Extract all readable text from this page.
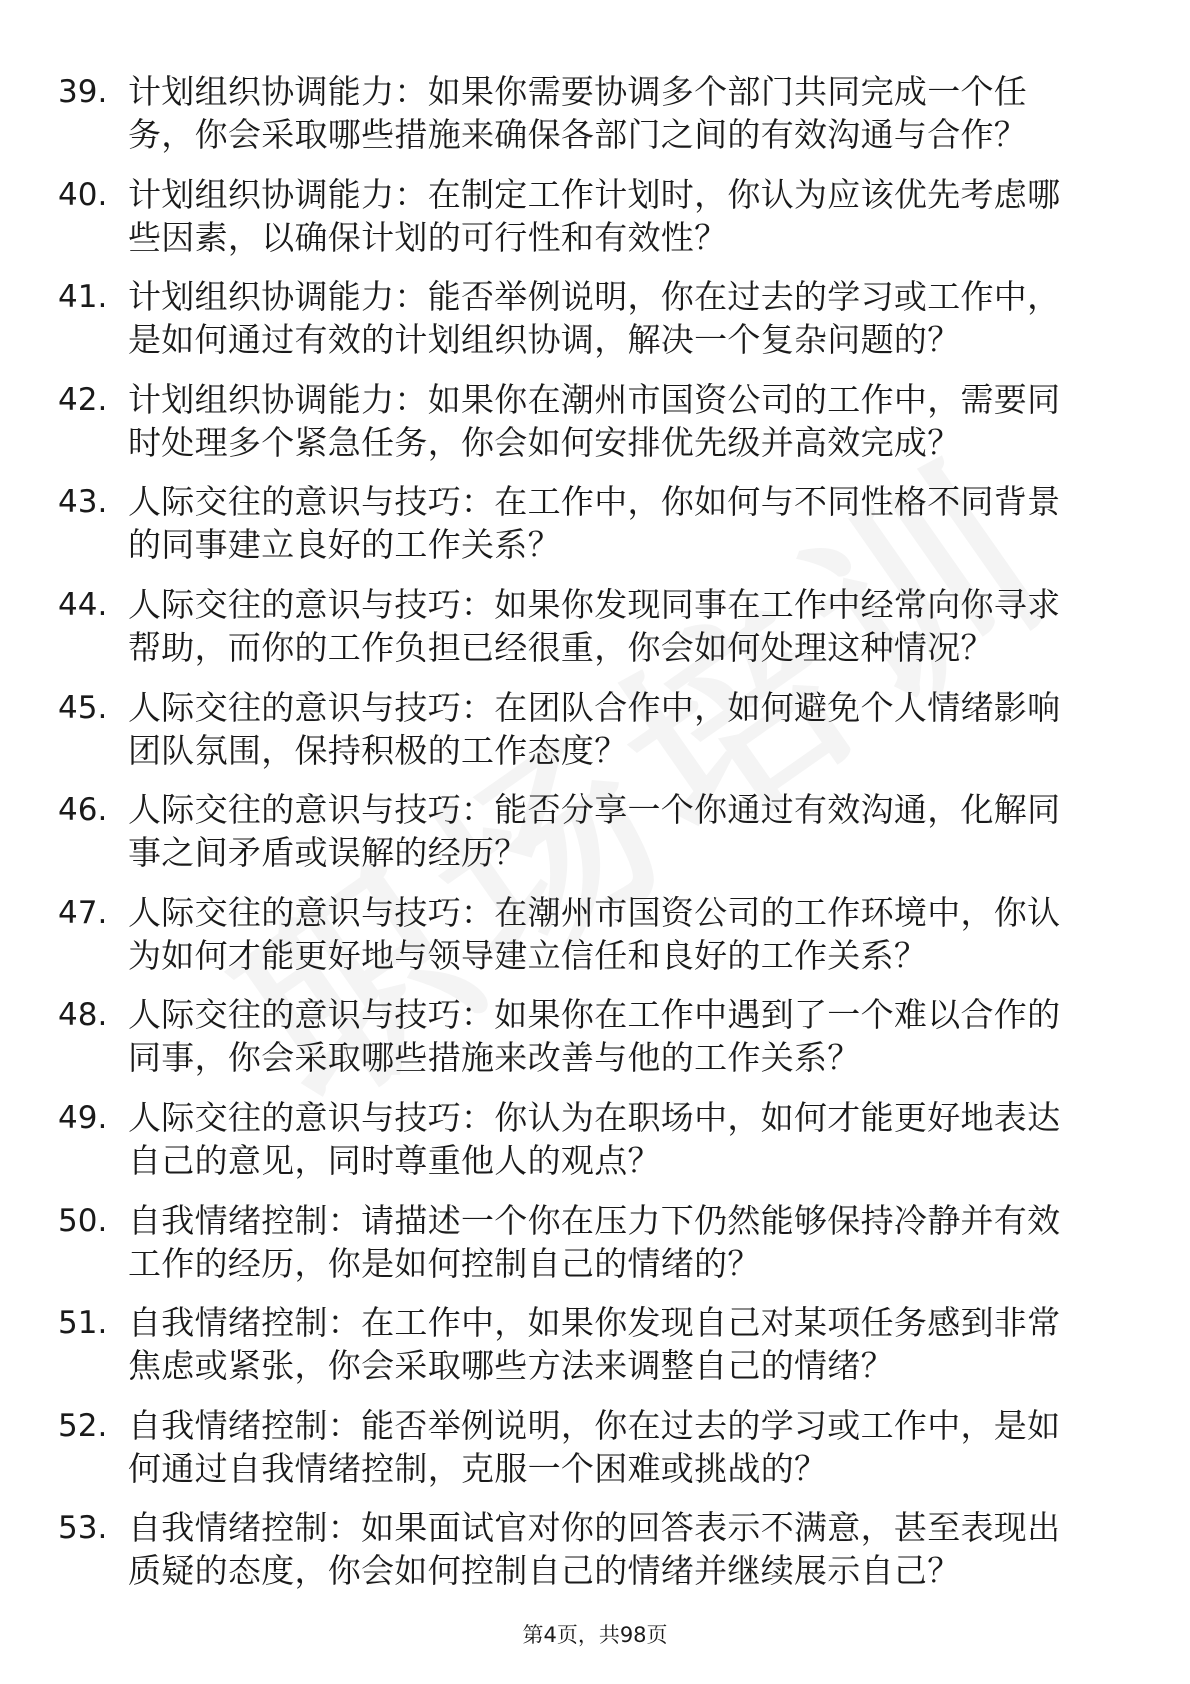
39. 计划组织协调能力：如果你需要协调多个部门共同完成一个任
务，你会采取哪些措施来确保各部门之间的有效沟通与合作？
40. 计划组织协调能力：在制定工作计划时，你认为应该优先考虑哪
些因素，以确保计划的可行性和有效性？
41. 计划组织协调能力：能否举例说明，你在过去的学习或工作中，
是如何通过有效的计划组织协调，解决一个复杂问题的？
42. 计划组织协调能力：如果你在潮州市国资公司的工作中，需要同
时处理多个紧急任务，你会如何安排优先级并高效完成？
43. 人际交往的意识与技巧：在工作中，你如何与不同性格不同背景
的同事建立良好的工作关系？
44. 人际交往的意识与技巧：如果你发现同事在工作中经常向你寻求
帮助，而你的工作负担已经很重，你会如何处理这种情况？
45. 人际交往的意识与技巧：在团队合作中，如何避免个人情绪影响
团队氛围，保持积极的工作态度？
46. 人际交往的意识与技巧：能否分享一个你通过有效沟通，化解同
事之间矛盾或误解的经历？
47. 人际交往的意识与技巧：在潮州市国资公司的工作环境中，你认
为如何才能更好地与领导建立信任和良好的工作关系？
48. 人际交往的意识与技巧：如果你在工作中遇到了一个难以合作的
同事，你会采取哪些措施来改善与他的工作关系？
49. 人际交往的意识与技巧：你认为在职场中，如何才能更好地表达
自己的意见，同时尊重他人的观点？
50. 自我情绪控制：请描述一个你在压力下仍然能够保持冷静并有效
工作的经历，你是如何控制自己的情绪的？
51. 自我情绪控制：在工作中，如果你发现自己对某项任务感到非常
焦虑或紧张，你会采取哪些方法来调整自己的情绪？
52. 自我情绪控制：能否举例说明，你在过去的学习或工作中，是如
何通过自我情绪控制，克服一个困难或挑战的？
53. 自我情绪控制：如果面试官对你的回答表示不满意，甚至表现出
质疑的态度，你会如何控制自己的情绪并继续展示自己？
第4页，共98页
